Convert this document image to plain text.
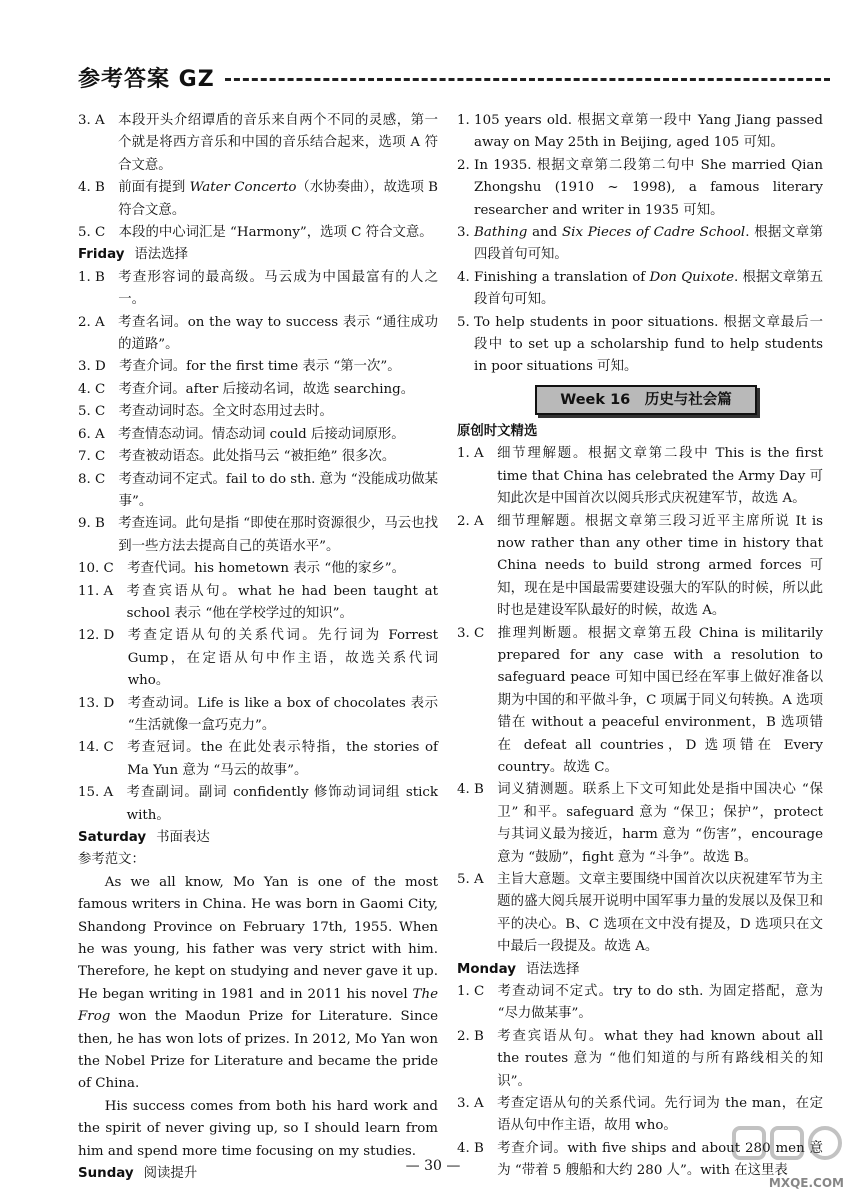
参考答案 GZ
3. A　 本段开头介绍谭盾的音乐来自两个不同的灵感，第一个就是将西方音乐和中国的音乐结合起来，选项 A 符合文意。
4. B　 前面有提到 Water Concerto（水协奏曲），故选项 B 符合文意。
5. C　 本段的中心词汇是 “Harmony”，选项 C 符合文意。
Friday 语法选择
1. B　 考查形容词的最高级。马云成为中国最富有的人之一。
2. A　 考查名词。on the way to success 表示 “通往成功的道路”。
3. D　 考查介词。for the first time 表示 “第一次”。
4. C　 考查介词。after 后接动名词，故选 searching。
5. C　 考查动词时态。全文时态用过去时。
6. A　 考查情态动词。情态动词 could 后接动词原形。
7. C　 考查被动语态。此处指马云 “被拒绝” 很多次。
8. C　 考查动词不定式。fail to do sth. 意为 “没能成功做某事”。
9. B　 考查连词。此句是指 “即使在那时资源很少，马云也找到一些方法去提高自己的英语水平”。
10. C　 考查代词。his hometown 表示 “他的家乡”。
11. A　 考查宾语从句。what he had been taught at school 表示 “他在学校学过的知识”。
12. D　 考查定语从句的关系代词。先行词为 Forrest Gump，在定语从句中作主语，故选关系代词 who。
13. D　 考查动词。Life is like a box of chocolates 表示 “生活就像一盒巧克力”。
14. C　 考查冠词。the 在此处表示特指，the stories of Ma Yun 意为 “马云的故事”。
15. A　 考查副词。副词 confidently 修饰动词词组 stick with。
Saturday 书面表达
参考范文：
As we all know, Mo Yan is one of the most famous writers in China. He was born in Gaomi City, Shandong Province on February 17th, 1955. When he was young, his father was very strict with him. Therefore, he kept on studying and never gave it up. He began writing in 1981 and in 2011 his novel The Frog won the Maodun Prize for Literature. Since then, he has won lots of prizes. In 2012, Mo Yan won the Nobel Prize for Literature and became the pride of China.
His success comes from both his hard work and the spirit of never giving up, so I should learn from him and spend more time focusing on my studies.
Sunday 阅读提升
1. 105 years old. 根据文章第一段中 Yang Jiang passed away on May 25th in Beijing, aged 105 可知。
2. In 1935. 根据文章第二段第二句中 She married Qian Zhongshu (1910 ~ 1998), a famous literary researcher and writer in 1935 可知。
3. Bathing and Six Pieces of Cadre School. 根据文章第四段首句可知。
4. Finishing a translation of Don Quixote. 根据文章第五段首句可知。
5. To help students in poor situations. 根据文章最后一段中 to set up a scholarship fund to help students in poor situations 可知。
Week 16　历史与社会篇
原创时文精选
1. A　 细节理解题。根据文章第二段中 This is the first time that China has celebrated the Army Day 可知此次是中国首次以阅兵形式庆祝建军节，故选 A。
2. A　 细节理解题。根据文章第三段习近平主席所说 It is now rather than any other time in history that China needs to build strong armed forces 可知，现在是中国最需要建设强大的军队的时候，所以此时也是建设军队最好的时候，故选 A。
3. C　 推理判断题。根据文章第五段 China is militarily prepared for any case with a resolution to safeguard peace 可知中国已经在军事上做好准备以期为中国的和平做斗争，C 项属于同义句转换。A 选项错在 without a peaceful environment，B 选项错在 defeat all countries，D 选项错在 Every country。故选 C。
4. B　 词义猜测题。联系上下文可知此处是指中国决心 “保卫” 和平。safeguard 意为 “保卫；保护”，protect 与其词义最为接近，harm 意为 “伤害”，encourage 意为 “鼓励”，fight 意为 “斗争”。故选 B。
5. A　 主旨大意题。文章主要围绕中国首次以庆祝建军节为主题的盛大阅兵展开说明中国军事力量的发展以及保卫和平的决心。B、C 选项在文中没有提及，D 选项只在文中最后一段提及。故选 A。
Monday 语法选择
1. C　 考查动词不定式。try to do sth. 为固定搭配，意为 “尽力做某事”。
2. B　 考查宾语从句。what they had known about all the routes 意为 “他们知道的与所有路线相关的知识”。
3. A　 考查定语从句的关系代词。先行词为 the man，在定语从句中作主语，故用 who。
4. B　 考查介词。with five ships and about 280 men 意为 “带着 5 艘船和大约 280 人”。with 在这里表
— 30 —
MXQE.COM
